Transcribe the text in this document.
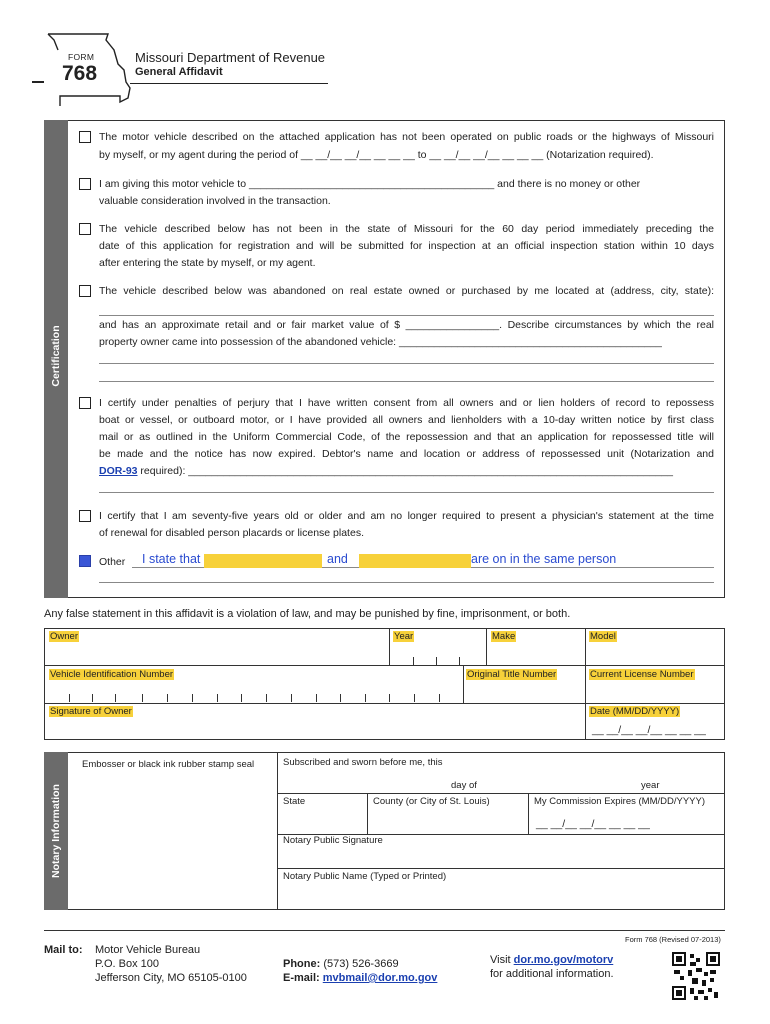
FORM
768
Missouri Department of Revenue
General Affidavit
Certification
The motor vehicle described on the attached application has not been operated on public roads or the highways of Missouri
by myself, or my agent during the period of __ __/__ __/__ __ __ __ to __ __/__ __/__ __ __ __ (Notarization required).
I am giving this motor vehicle to __________________________________________ and there is no money or other
valuable consideration involved in the transaction.
The vehicle described below has not been in the state of Missouri for the 60 day period immediately preceding the
date of this application for registration and will be submitted for inspection at an official inspection station within 10 days
after entering the state by myself, or my agent.
The vehicle described below was abandoned on real estate owned or purchased by me located at (address, city, state):
and has an approximate retail and or fair market value of $ ________________. Describe circumstances by which the real
property owner came into possession of the abandoned vehicle: _____________________________________________
I certify under penalties of perjury that I have written consent from all owners and or lien holders of record to repossess
boat or vessel, or outboard motor, or I have provided all owners and lienholders with a 10-day written notice by first class
mail or as outlined in the Uniform Commercial Code, of the repossession and that an application for repossessed title will
be made and the notice has now expired. Debtor's name and location or address of repossessed unit (Notarization and
DOR-93 required): ___________________________________________________________________________________
I certify that I am seventy-five years old or older and am no longer required to present a physician's statement at the time
of renewal for disabled person placards or license plates.
Other I state that	and	are on in the same person
Any false statement in this affidavit is a violation of law, and may be punished by fine, imprisonment, or both.
Owner	Year	Make	Model
Vehicle Identification Number	Original Title Number	Current License Number
Signature of Owner	Date (MM/DD/YYYY)
__ __/__ __/__ __ __ __
Notary Information
Embosser or black ink rubber stamp seal	Subscribed and sworn before me, this
day of	year
State	County (or City of St. Louis)	My Commission Expires (MM/DD/YYYY)
__ __/__ __/__ __ __ __
Notary Public Signature
Notary Public Name (Typed or Printed)
Form 768 (Revised 07-2013)
Mail to: Motor Vehicle Bureau
P.O. Box 100
Jefferson City, MO 65105-0100
Phone: (573) 526-3669
E-mail: mvbmail@dor.mo.gov
Visit dor.mo.gov/motorv
for additional information.
